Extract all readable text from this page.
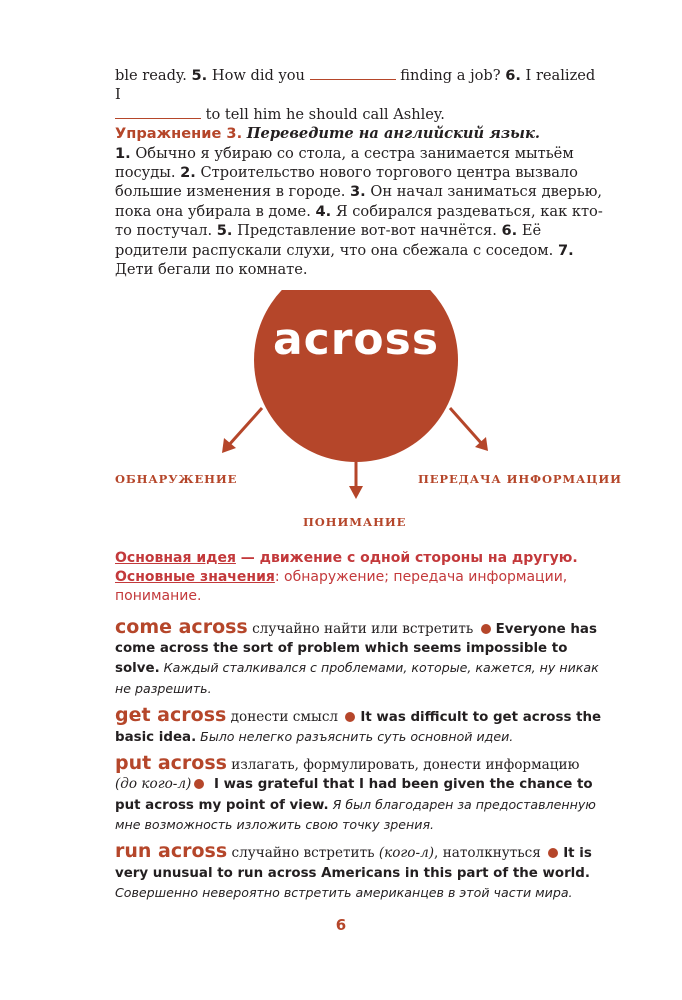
ble ready. 5. How did you	finding a job? 6. I realized I
to tell him he should call Ashley.

Упражнение 3. Переведите на английский язык.
1. Обычно я убираю со стола, а сестра занимается мытьём посуды. 2. Строительство нового торгового центра вызвало большие изменения в городе. 3. Он начал заниматься дверью, пока она убирала в доме. 4. Я собирался раздеваться, как кто-то постучал. 5. Представление вот-вот начнётся. 6. Её родители распускали слухи, что она сбежала с соседом. 7. Дети бегали по комнате.

across
ОБНАРУЖЕНИЕ	ПЕРЕДАЧА ИНФОРМАЦИИ
ПОНИМАНИЕ

Основная идея — движение с одной стороны на другую.

Основные значения: обнаружение; передача информации, понимание.

come across случайно найти или встретить Everyone has come across the sort of problem which seems impossible to solve. Каждый сталкивался с проблемами, которые, кажется, ну никак не разрешить.

get across донести смысл It was difficult to get across the basic idea. Было нелегко разъяснить суть основной идеи.

put across излагать, формулировать, донести информацию (до кого-л) I was grateful that I had been given the chance to put across my point of view. Я был благодарен за предоставленную мне возможность изложить свою точку зрения.

run across случайно встретить (кого-л), натолкнуться It is very unusual to run across Americans in this part of the world. Совершенно невероятно встретить американцев в этой части мира.

6
